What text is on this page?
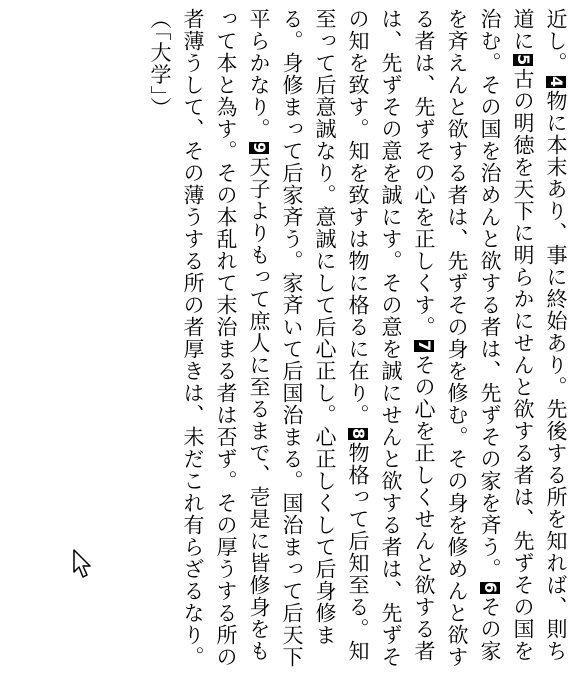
近し。4物に本末あり、事に終始あり。先後する所を知れば、則ち道に5古の明徳を天下に明らかにせんと欲する者は、先ずその国を治む。その国を治めんと欲する者は、先ずその家を斉う。6その家を斉えんと欲する者は、先ずその身を修む。その身を修めんと欲する者は、先ずその心を正しくす。7その心を正しくせんと欲する者は、先ずその意を誠にす。その意を誠にせんと欲する者は、先ずその知を致す。知を致すは物に格るに在り。8物格って后知至る。知至って后意誠なり。意誠にして后心正し。心正しくして后身修まる。身修まって后家斉う。家斉いて后国治まる。国治まって后天下平らかなり。9天子よりもって庶人に至るまで、壱是に皆修身をもって本と為す。その本乱れて末治まる者は否ず。その厚うする所の者薄うして、その薄うする所の者厚きは、未だこれ有らざるなり。（「大学」）
